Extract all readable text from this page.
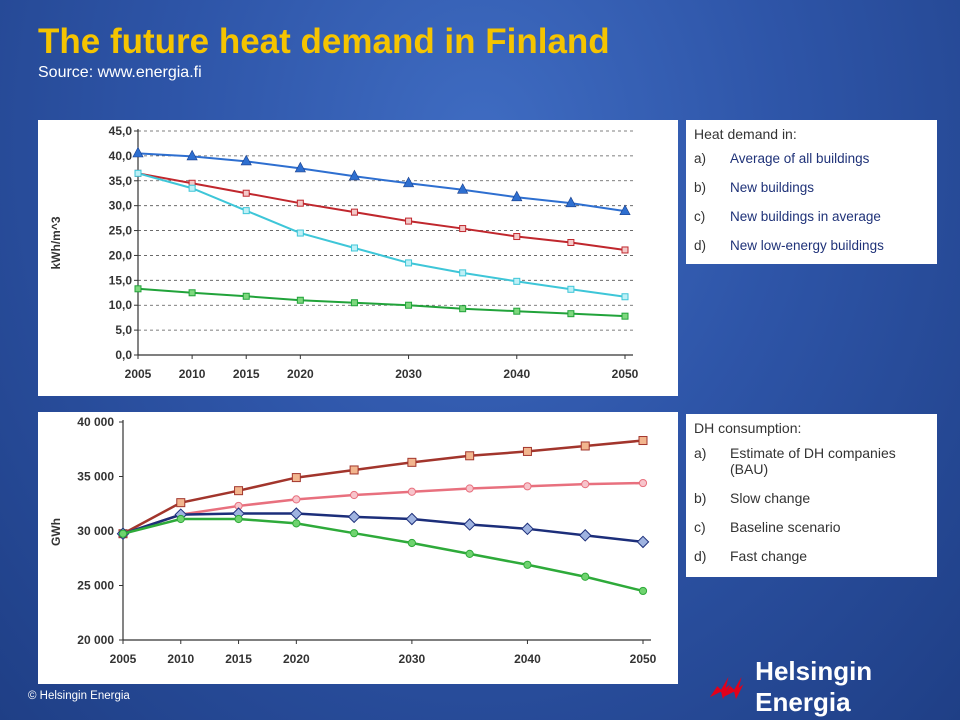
The future heat demand in Finland
Source: www.energia.fi
0,0
5,0
10,0
15,0
20,0
25,0
30,0
35,0
40,0
45,0
2005 2010 2015 2020	2030	2040	2050
kWh/m^3
Heat demand in:
a)	Average of all buildings
b)	New buildings
c)	New buildings in average
d)	New low-energy buildings
20 000
25 000
30 000
35 000
40 000
2005	2010	2015	2020	2030	2040	2050
GWh
DH consumption:
a)	Estimate of DH companies (BAU)
b)	Slow change
c)	Baseline scenario
d)	Fast change
© Helsingin Energia
Helsingin Energia
